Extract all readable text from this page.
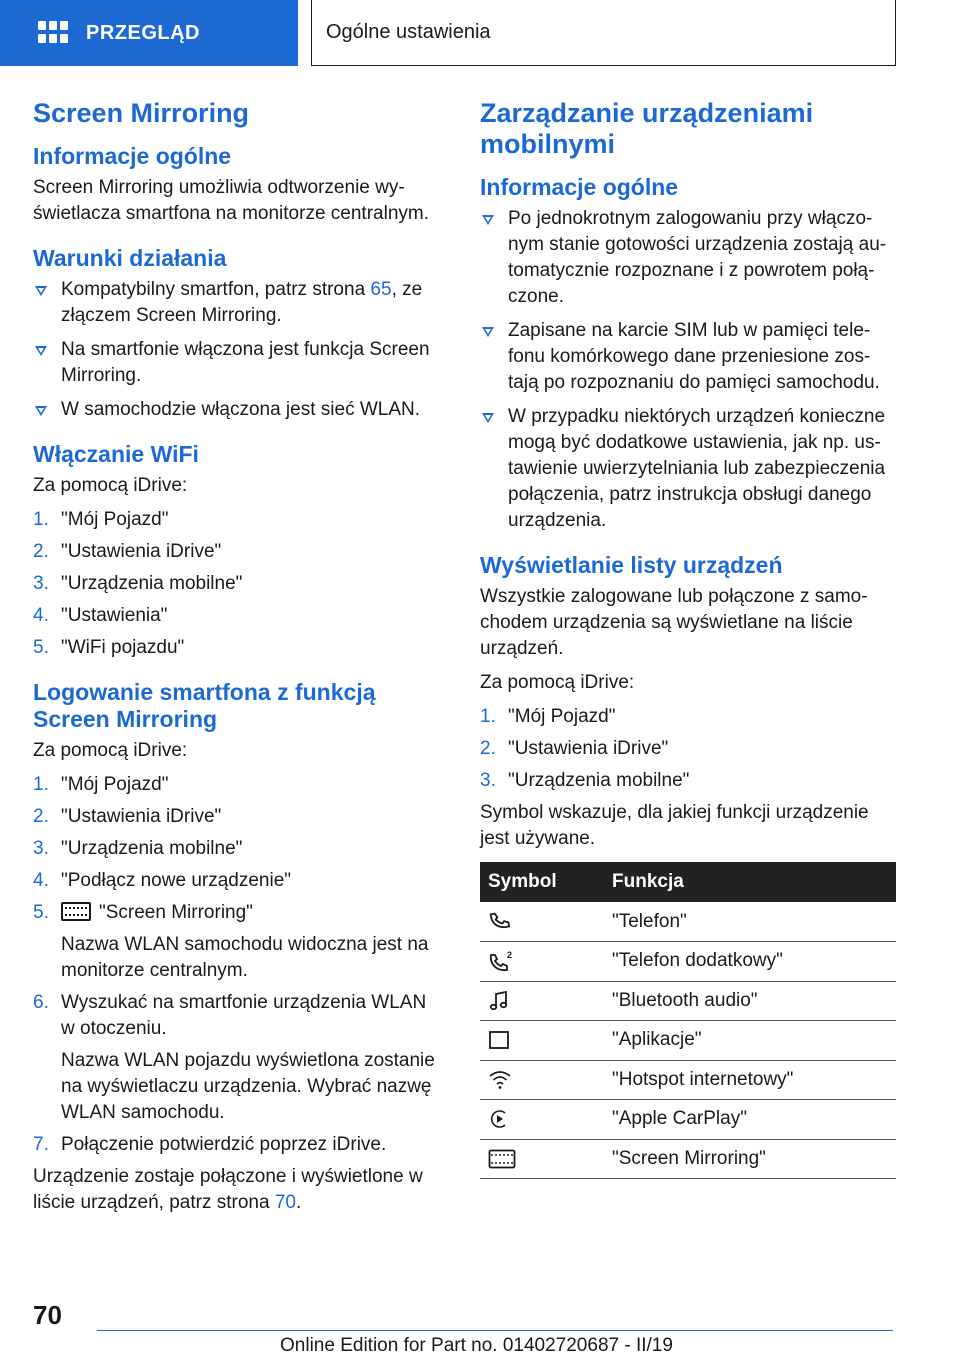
PRZEGLĄD	Ogólne ustawienia
Screen Mirroring
Informacje ogólne

Screen Mirroring umożliwia odtworzenie wy-świetlacza smartfona na monitorze centralnym.

Warunki działania
Kompatybilny smartfon, patrz strona 65, ze złączem Screen Mirroring.
Na smartfonie włączona jest funkcja Screen Mirroring.
W samochodzie włączona jest sieć WLAN.
Włączanie WiFi

Za pomocą iDrive:

1. "Mój Pojazd"
2. "Ustawienia iDrive"
3. "Urządzenia mobilne"
4. "Ustawienia"
5. "WiFi pojazdu"
Logowanie smartfona z funkcją Screen Mirroring

Za pomocą iDrive:

1. "Mój Pojazd"
2. "Ustawienia iDrive"
3. "Urządzenia mobilne"
4. "Podłącz nowe urządzenie"
5.	"Screen Mirroring"
Nazwa WLAN samochodu widoczna jest na monitorze centralnym.
6. Wyszukać na smartfonie urządzenia WLAN w otoczeniu.
Nazwa WLAN pojazdu wyświetlona zostanie na wyświetlaczu urządzenia. Wybrać nazwę WLAN samochodu.
7. Połączenie potwierdzić poprzez iDrive.

Urządzenie zostaje połączone i wyświetlone w liście urządzeń, patrz strona 70.

Zarządzanie urządzeniami mobilnymi
Informacje ogólne
Po jednokrotnym zalogowaniu przy włączo-nym stanie gotowości urządzenia zostają au-tomatycznie rozpoznane i z powrotem połą-czone.
Zapisane na karcie SIM lub w pamięci tele-fonu komórkowego dane przeniesione zos-tają po rozpoznaniu do pamięci samochodu.
W przypadku niektórych urządzeń konieczne mogą być dodatkowe ustawienia, jak np. us-tawienie uwierzytelniania lub zabezpieczenia połączenia, patrz instrukcja obsługi danego urządzenia.
Wyświetlanie listy urządzeń

Wszystkie zalogowane lub połączone z samo-chodem urządzenia są wyświetlane na liście urządzeń.

Za pomocą iDrive:

1. "Mój Pojazd"
2. "Ustawienia iDrive"
3. "Urządzenia mobilne"

Symbol wskazuje, dla jakiej funkcji urządzenie jest używane.

Symbol	Funkcja
	"Telefon"

2	"Telefon dodatkowy"
	"Bluetooth audio"
	"Aplikacje"
	"Hotspot internetowy"
	"Apple CarPlay"
	"Screen Mirroring"
70
Online Edition for Part no. 01402720687 - II/19
